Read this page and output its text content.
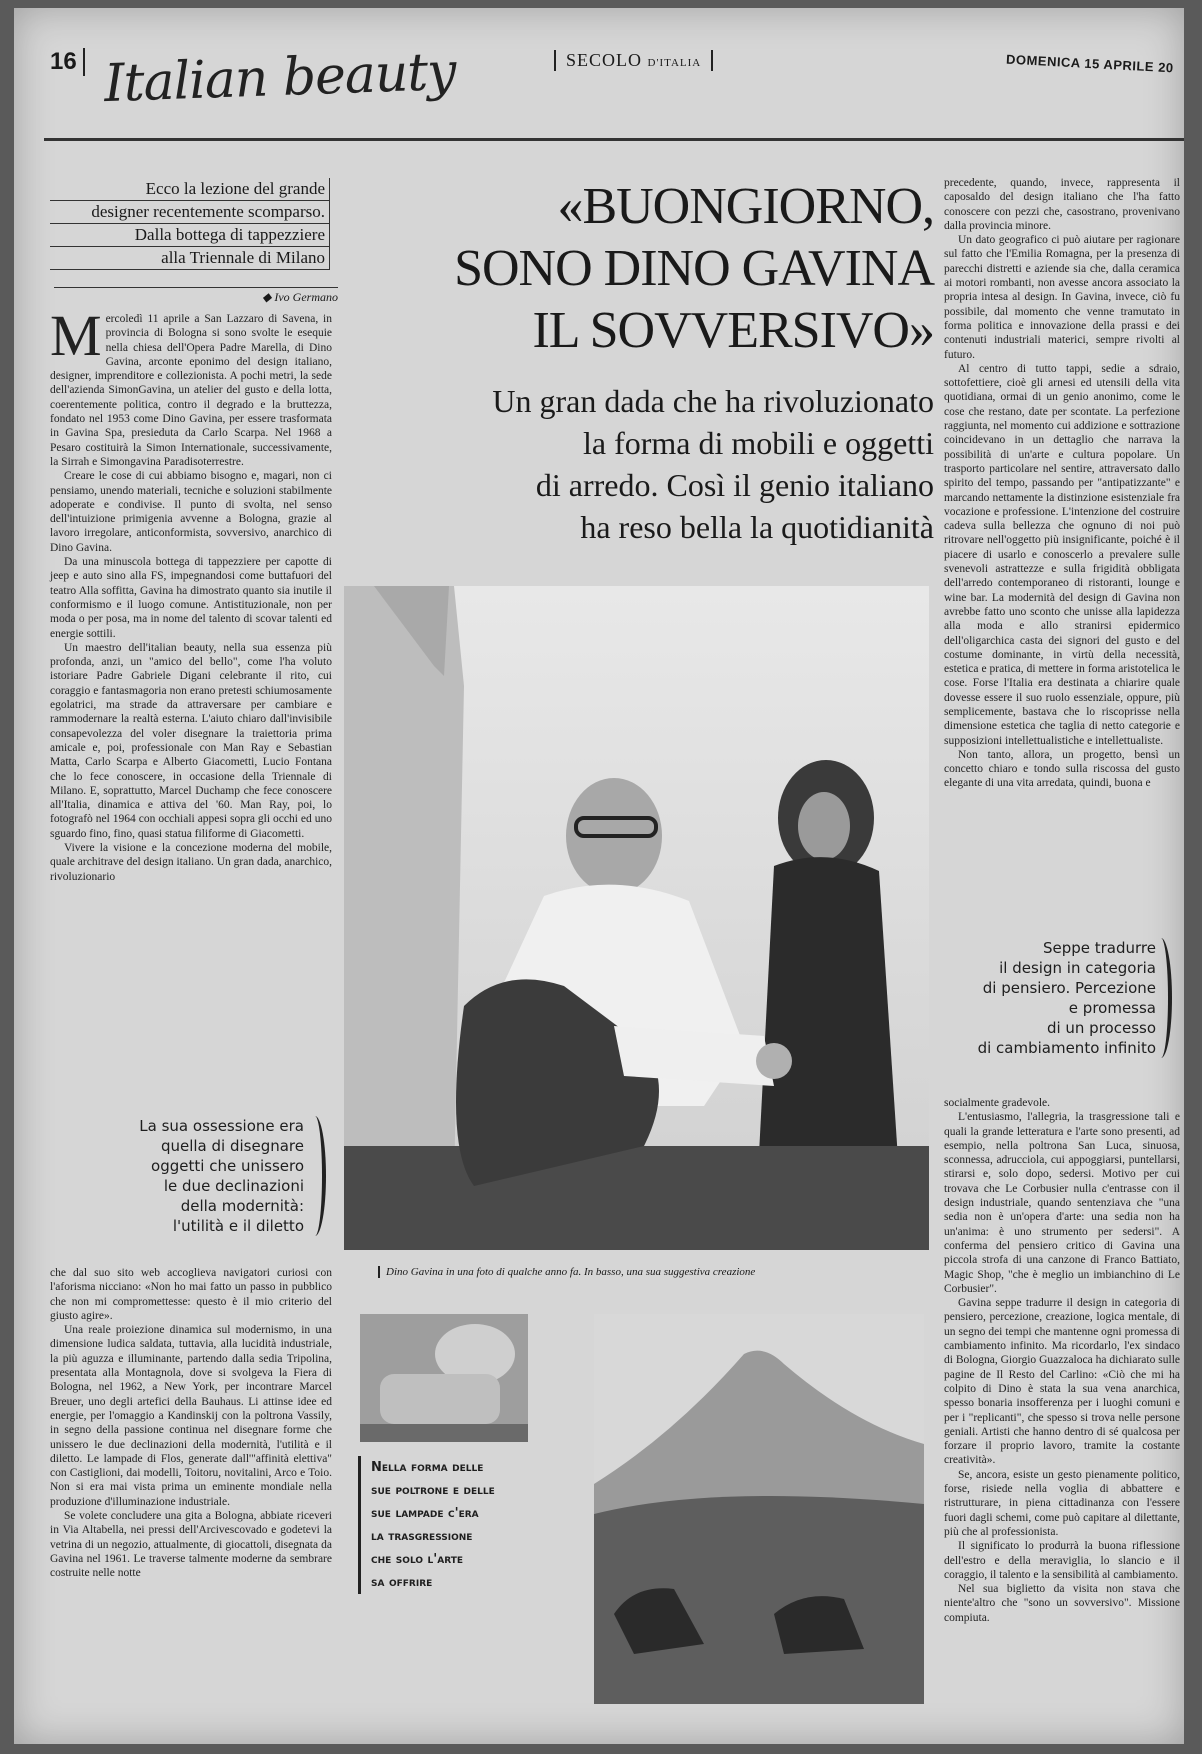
16 Italian beauty	SECOLO D'ITALIA	DOMENICA 15 APRILE 20
Ecco la lezione del grande
designer recentemente scomparso.
Dalla bottega di tappezziere
alla Triennale di Milano
◆ Ivo Germano
«BUONGIORNO,
SONO DINO GAVINA
IL SOVVERSIVO»
Un gran dada che ha rivoluzionato
la forma di mobili e oggetti
di arredo. Così il genio italiano
ha reso bella la quotidianità

Mercoledì 11 aprile a San Lazzaro di Savena, in provincia di Bologna si sono svolte le esequie nella chiesa dell'Opera Padre Marella, di Dino Gavina, arconte eponimo del design italiano, designer, imprenditore e collezionista. A pochi metri, la sede dell'azienda SimonGavina, un atelier del gusto e della lotta, coerentemente politica, contro il degrado e la bruttezza, fondato nel 1953 come Dino Gavina, per essere trasformata in Gavina Spa, presieduta da Carlo Scarpa. Nel 1968 a Pesaro costituirà la Simon Internationale, successivamente, la Sirrah e Simongavina Paradisoterrestre.

Creare le cose di cui abbiamo bisogno e, magari, non ci pensiamo, unendo materiali, tecniche e soluzioni stabilmente adoperate e condivise. Il punto di svolta, nel senso dell'intuizione primigenia avvenne a Bologna, grazie al lavoro irregolare, anticonformista, sovversivo, anarchico di Dino Gavina.

Da una minuscola bottega di tappezziere per capotte di jeep e auto sino alla FS, impegnandosi come buttafuori del teatro Alla soffitta, Gavina ha dimostrato quanto sia inutile il conformismo e il luogo comune. Antistituzionale, non per moda o per posa, ma in nome del talento di scovar talenti ed energie sottili.

Un maestro dell'italian beauty, nella sua essenza più profonda, anzi, un "amico del bello", come l'ha voluto istoriare Padre Gabriele Digani celebrante il rito, cui coraggio e fantasmagoria non erano pretesti schiumosamente egolatrici, ma strade da attraversare per cambiare e rammodernare la realtà esterna. L'aiuto chiaro dall'invisibile consapevolezza del voler disegnare la traiettoria prima amicale e, poi, professionale con Man Ray e Sebastian Matta, Carlo Scarpa e Alberto Giacometti, Lucio Fontana che lo fece conoscere, in occasione della Triennale di Milano. E, soprattutto, Marcel Duchamp che fece conoscere all'Italia, dinamica e attiva del '60. Man Ray, poi, lo fotografò nel 1964 con occhiali appesi sopra gli occhi ed uno sguardo fino, fino, quasi statua filiforme di Giacometti.

Vivere la visione e la concezione moderna del mobile, quale architrave del design italiano. Un gran dada, anarchico, rivoluzionario

La sua ossessione era
quella di disegnare
oggetti che unissero
le due declinazioni
della modernità:
l'utilità e il diletto

che dal suo sito web accoglieva navigatori curiosi con l'aforisma nicciano: «Non ho mai fatto un passo in pubblico che non mi compromettesse: questo è il mio criterio del giusto agire».

Una reale proiezione dinamica sul modernismo, in una dimensione ludica saldata, tuttavia, alla lucidità industriale, la più aguzza e illuminante, partendo dalla sedia Tripolina, presentata alla Montagnola, dove si svolgeva la Fiera di Bologna, nel 1962, a New York, per incontrare Marcel Breuer, uno degli artefici della Bauhaus. Li attinse idee ed energie, per l'omaggio a Kandinskij con la poltrona Vassily, in segno della passione continua nel disegnare forme che unissero le due declinazioni della modernità, l'utilità e il diletto. Le lampade di Flos, generate dall'"affinità elettiva" con Castiglioni, dai modelli, Toitoru, novitalini, Arco e Toio. Non si era mai vista prima un eminente mondiale nella produzione d'illuminazione industriale.

Se volete concludere una gita a Bologna, abbiate riceveri in Via Altabella, nei pressi dell'Arcivescovado e godetevi la vetrina di un negozio, attualmente, di giocattoli, disegnata da Gavina nel 1961. Le traverse talmente moderne da sembrare costruite nelle notte

Dino Gavina in una foto di qualche anno fa. In basso, una sua suggestiva creazione
Nella forma delle
sue poltrone e delle
sue lampade c'era
la trasgressione
che solo l'arte
sa offrire

precedente, quando, invece, rappresenta il caposaldo del design italiano che l'ha fatto conoscere con pezzi che, casostrano, provenivano dalla provincia minore.

Un dato geografico ci può aiutare per ragionare sul fatto che l'Emilia Romagna, per la presenza di parecchi distretti e aziende sia che, dalla ceramica ai motori rombanti, non avesse ancora associato la propria intesa al design. In Gavina, invece, ciò fu possibile, dal momento che venne tramutato in forma politica e innovazione della prassi e dei contenuti industriali materici, sempre rivolti al futuro.

Al centro di tutto tappi, sedie a sdraio, sottofettiere, cioè gli arnesi ed utensili della vita quotidiana, ormai di un genio anonimo, come le cose che restano, date per scontate. La perfezione raggiunta, nel momento cui addizione e sottrazione coincidevano in un dettaglio che narrava la possibilità di un'arte e cultura popolare. Un trasporto particolare nel sentire, attraversato dallo spirito del tempo, passando per "antipatizzante" e marcando nettamente la distinzione esistenziale fra vocazione e professione. L'intenzione del costruire cadeva sulla bellezza che ognuno di noi può ritrovare nell'oggetto più insignificante, poiché è il piacere di usarlo e conoscerlo a prevalere sulle svenevoli astrattezze e sulla frigidità obbligata dell'arredo contemporaneo di ristoranti, lounge e wine bar. La modernità del design di Gavina non avrebbe fatto uno sconto che unisse alla lapidezza alla moda e allo stranirsi epidermico dell'oligarchica casta dei signori del gusto e del costume dominante, in virtù della necessità, estetica e pratica, di mettere in forma aristotelica le cose. Forse l'Italia era destinata a chiarire quale dovesse essere il suo ruolo essenziale, oppure, più semplicemente, bastava che lo riscoprisse nella dimensione estetica che taglia di netto categorie e supposizioni intellettualistiche e intellettualiste.

Non tanto, allora, un progetto, bensì un concetto chiaro e tondo sulla riscossa del gusto elegante di una vita arredata, quindi, buona e

Seppe tradurre
il design in categoria
di pensiero. Percezione
e promessa
di un processo
di cambiamento infinito

socialmente gradevole.

L'entusiasmo, l'allegria, la trasgressione tali e quali la grande letteratura e l'arte sono presenti, ad esempio, nella poltrona San Luca, sinuosa, sconnessa, adrucciola, cui appoggiarsi, puntellarsi, stirarsi e, solo dopo, sedersi. Motivo per cui trovava che Le Corbusier nulla c'entrasse con il design industriale, quando sentenziava che "una sedia non è un'opera d'arte: una sedia non ha un'anima: è uno strumento per sedersi". A conferma del pensiero critico di Gavina una piccola strofa di una canzone di Franco Battiato, Magic Shop, "che è meglio un imbianchino di Le Corbusier".

Gavina seppe tradurre il design in categoria di pensiero, percezione, creazione, logica mentale, di un segno dei tempi che mantenne ogni promessa di cambiamento infinito. Ma ricordarlo, l'ex sindaco di Bologna, Giorgio Guazzaloca ha dichiarato sulle pagine de Il Resto del Carlino: «Ciò che mi ha colpito di Dino è stata la sua vena anarchica, spesso bonaria insofferenza per i luoghi comuni e per i "replicanti", che spesso si trova nelle persone geniali. Artisti che hanno dentro di sé qualcosa per forzare il proprio lavoro, tramite la costante creatività».

Se, ancora, esiste un gesto pienamente politico, forse, risiede nella voglia di abbattere e ristrutturare, in piena cittadinanza con l'essere fuori dagli schemi, come può capitare al dilettante, più che al professionista.

Il significato lo produrrà la buona riflessione dell'estro e della meraviglia, lo slancio e il coraggio, il talento e la sensibilità al cambiamento.

Nel sua biglietto da visita non stava che niente'altro che "sono un sovversivo". Missione compiuta.
